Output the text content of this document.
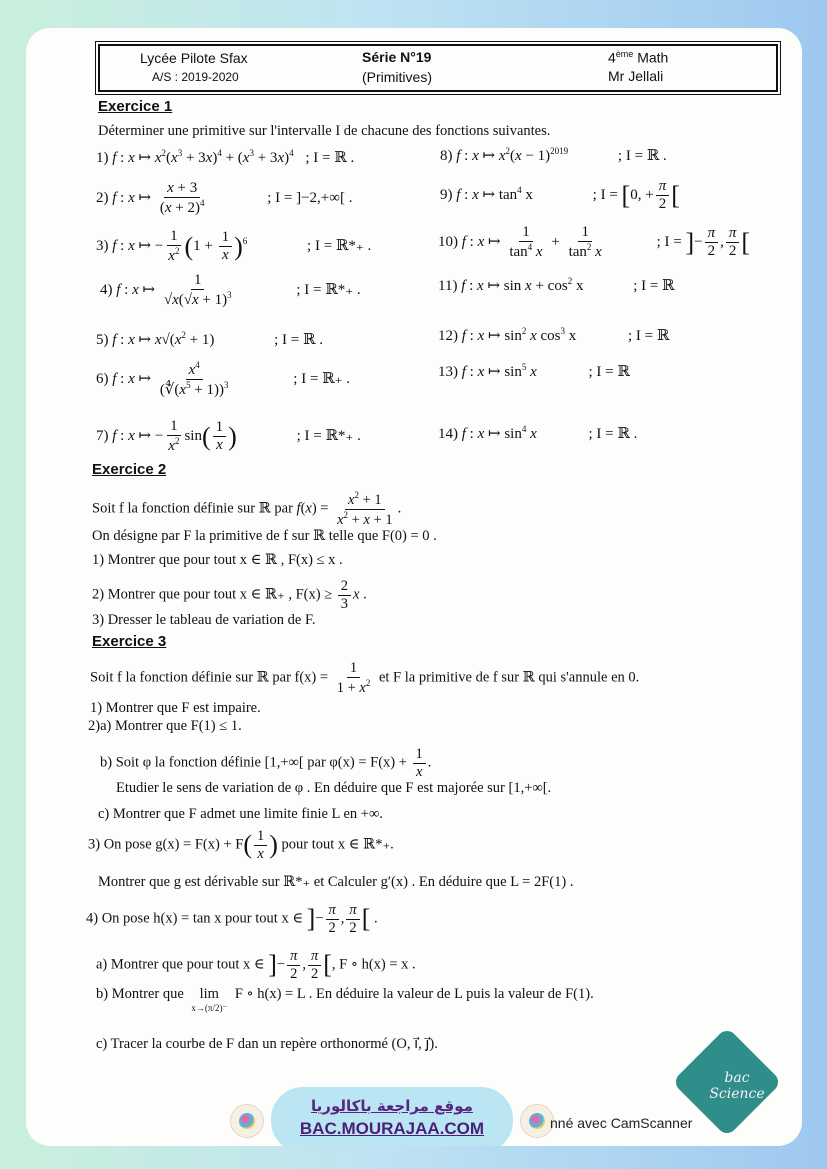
Lycée Pilote Sfax
A/S : 2019-2020
Série N°19
(Primitives)
4ème Math
Mr Jellali
Exercice 1
Déterminer une primitive sur l'intervalle I de chacune des fonctions suivantes.
1) f : x ↦ $x^2(x^3 + 3x)^4 + (x^3 + 3x)^4$ ; I = ℝ .
2) f : x ↦ $\frac{x + 3}{(x + 2)^4}$	; I = ]−2,+∞[ .
3) f : x ↦ − $\frac{1}{x^2} (1 + \frac{1}{x} )^6$	; I = ℝ*₊ .
4) f : x ↦ $\frac{1}{√x(√x + 1)^3}$	; I = ℝ*₊ .
5) f : x ↦ $x√(x^2 + 1)$	; I = ℝ .
6) f : x ↦ $\frac{x^4}{(∜(x^5 + 1))^3}$	; I = ℝ₊ .
7) f : x ↦ − $\frac{1}{x^2} \sin( \frac{1}{x}$ )	; I = ℝ*₊ .
8) f : x ↦ $x^2(x - 1)^{2019}$	; I = ℝ .
9) f : x ↦ $\tan^4 x$	; I = [0, + $\frac{\pi}{2}$ [
10) f : x ↦ $\frac{1}{\tan^4 x} + \frac{1}{\tan^2 x}$	; I = ]− $\frac{\pi}{2}$ , $\frac{\pi}{2}$ [
11) f : x ↦ $\sin x + \cos^2 x$	; I = ℝ
12) f : x ↦ $\sin^2 x$ $\cos^3 x$	; I = ℝ
13) f : x ↦ $\sin^5 x$	; I = ℝ
14) f : x ↦ $\sin^4 x$	; I = ℝ .
Exercice 2
Soit f la fonction définie sur ℝ par $f(x) = \frac{x^2 + 1}{x^2 + x + 1}$ .
On désigne par F la primitive de f sur ℝ telle que F(0) = 0 .
1) Montrer que pour tout x ∈ ℝ , F(x) ≤ x .
2) Montrer que pour tout x ∈ ℝ₊ , $F(x) \ge \frac{2}{3}$ x .
3) Dresser le tableau de variation de F.
Exercice 3
Soit f la fonction définie sur ℝ par $f(x) = \frac{1}{1 + x^2}$ et F la primitive de f sur ℝ qui s'annule en 0.
1) Montrer que F est impaire.
2)a) Montrer que F(1) ≤ 1.
b) Soit φ la fonction définie [1,+∞[ par $\varphi(x) = F(x) + \frac{1}{x}$ .
Etudier le sens de variation de φ . En déduire que F est majorée sur [1,+∞[.
c) Montrer que F admet une limite finie L en +∞.
3) On pose $g(x) = F(x) + F( \frac{1}{x}$ ) pour tout x ∈ ℝ*₊.
Montrer que g est dérivable sur ℝ*₊ et Calculer g′(x) . En déduire que L = 2F(1) .
4) On pose h(x) = tan x pour tout x ∈ ]− $\frac{\pi}{2}$ , $\frac{\pi}{2}$ [ .
a) Montrer que pour tout x ∈ ]− $\frac{\pi}{2}$ , $\frac{\pi}{2}$ [, F ∘ h(x) = x .
b) Montrer que lim
x→(π/2)⁻
F ∘ h(x) = L . En déduire la valeur de L puis la valeur de F(1).
c) Tracer la courbe de F dan un repère orthonormé (O, i⃗, j⃗).
موقع مراجعة باكالوريا
BAC.MOURAJAA.COM	nné avec CamScanner
bac Science
